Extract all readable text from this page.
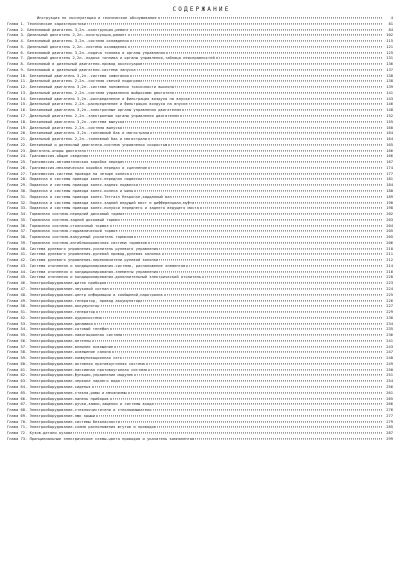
СОДЕРЖАНИЕ
Инструкция по эксплуатации и техническое обслуживание	4
Глава 1. Технические характеристики	81
Глава 2. Бензиновый двигатель 3,2л.-конструкция,ремонт	84
Глава 3. Дизельный двигатель 2,2л.-конструкция,ремонт	102
Глава 4. Бензиновый двигатель 3,2л.-система охлаждения	115
Глава 5. Дизельный двигатель 2,2л.-система охлаждения	121
Глава 6. Бензиновый двигатель 3,2л.-подача топлива и органы управления	125
Глава 7. Дизельный двигатель 2,2л.-подача топлива и органы управления,таблица неисправностей	131
Глава 8. Бензиновый и дизельный двигатели-привод аксессуаров	136
Глава 9. Бензиновый и дизельный двигатели-система запуска	137
Глава 10. Бензиновый двигатель 3,2л.-система зажигания	138
Глава 11. Дизельный двигатель 2,2л.-система свечей подогрева	138
Глава 12. Бензиновый двигатель 3,2л.-система понижения токсичности выхлопа	139
Глава 13. Дизельный двигатель 2,2л.-система управления выбросами двигателя	141
Глава 14. Бензиновый двигатель 3,2л.-распределение и фильтрация воздуха на впуске	143
Глава 15. Дизельный двигатель 2,2л.-распределение и фильтрация воздуха на впуске	146
Глава 16. Бензиновый двигатель 3,2л.-электронные органы управления двигателем	148
Глава 17. Дизельный двигатель 2,2л.-электронные органы управления двигателем	152
Глава 18. Бензиновый двигатель 3,2л.-система выпуска	155
Глава 19. Дизельный двигатель 2,2л.-система выпуска	160
Глава 20. Бензиновый двигатель 3,2л.-топливный бак и магистрали	164
Глава 21. Дизельный двигатель 2,2л.-топливный бак и магистрали	164
Глава 22. Бензиновый и дизельный двигатели-система управления скоростью	165
Глава 23. Двигатель-опоры двигателя	166
Глава 24. Трансмиссия-общие сведения	166
Глава 25. Трансмиссия-автоматическая коробка передач	167
Глава 26. Трансмиссия-механическая коробка передач и сцепление	174
Глава 27. Трансмиссия-система привода на четыре колеса	177
Глава 28. Подвеска и системы привода колес-передняя подвеска	181
Глава 29. Подвеска и системы привода колес-задняя подвеска	184
Глава 30. Подвеска и системы привода колес-колеса и шины	188
Глава 31. Подвеска и системы привода колес-Terrain Response,карданный вал	189
Глава 32. Подвеска и системы привода колес-задний ведущий мост и дифференциал,муфта	190
Глава 33. Подвеска и системы привода колес-полуоси переднего и заднего ведущего моста	198
Глава 34. Тормозная система-передний дисковый тормоз	202
Глава 35. Тормозная система-задний дисковый тормоз	203
Глава 36. Тормозная система-стояночный тормоз	204
Глава 37. Тормозная система-гидравлический тормоз	205
Глава 38. Тормозная система-вакуумный усилитель тормозов	205
Глава 39. Тормозная система-антиблокировочная система тормозов	206
Глава 40. Система рулевого управления-усилитель рулевого управления	210
Глава 41. Система рулевого управления-рулевой привод,рулевая колонка	211
Глава 42. Система рулевого управления-переключатели рулевой колонки	212
Глава 43. Система отопления и кондиционирования-система, расположение элементов	214
Глава 44. Система отопления и кондиционирования-элементы управления	216
Глава 45. Система отопления и кондиционирования-дополнительный электрический отопитель	220
Глава 46. Электрооборудование-щиток приборов	223
Глава 47. Электрооборудование-звуковой сигнал	224
Глава 48. Электрооборудование-центр информации и сообщений,парктроник	225
Глава 49. Электрооборудование-генератор, привод аккумулятора	226
Глава 50. Электрооборудование-аккумулятор	227
Глава 51. Электрооборудование-генератор	229
Глава 52. Электрооборудование-аудиосистема	230
Глава 53. Электрооборудование-динамики	234
Глава 54. Электрооборудование-сотовый телефон	235
Глава 55. Электрооборудование-навигационная система	236
Глава 56. Электрооборудование-антенны	241
Глава 57. Электрооборудование-внешнее освещение	243
Глава 58. Электрооборудование-освещение салона	247
Глава 59. Электрооборудование-коммуникационная сеть	248
Глава 60. Электрооборудование-активная противоугонная система	249
Глава 61. Электрооборудование-пассивная противоугонная система	250
Глава 62. Электрооборудование-функции,управление модулем	251
Глава 63. Электрооборудование-зеркала заднего вида	254
Глава 64. Электрооборудование-сиденья	256
Глава 65. Электрооборудование-стекла,рамы и механизмы	261
Глава 66. Электрооборудование-панель приборов	265
Глава 67. Электрооборудование-ручки,замки,защелки и системы входа	266
Глава 68. Электрооборудование-стеклоочистители и стеклоомыватели	276
Глава 69. Электрооборудование-люк крыши	277
Глава 70. Электрооборудование-системы безопасности	279
Глава 71. Электрооборудование-схема расположения жгутов и проводов	285
Глава 72. Кузов-детали кузова	287
Глава 73. Принципиальные электрические схемы-цвета проводов и указатель компонентов	299
